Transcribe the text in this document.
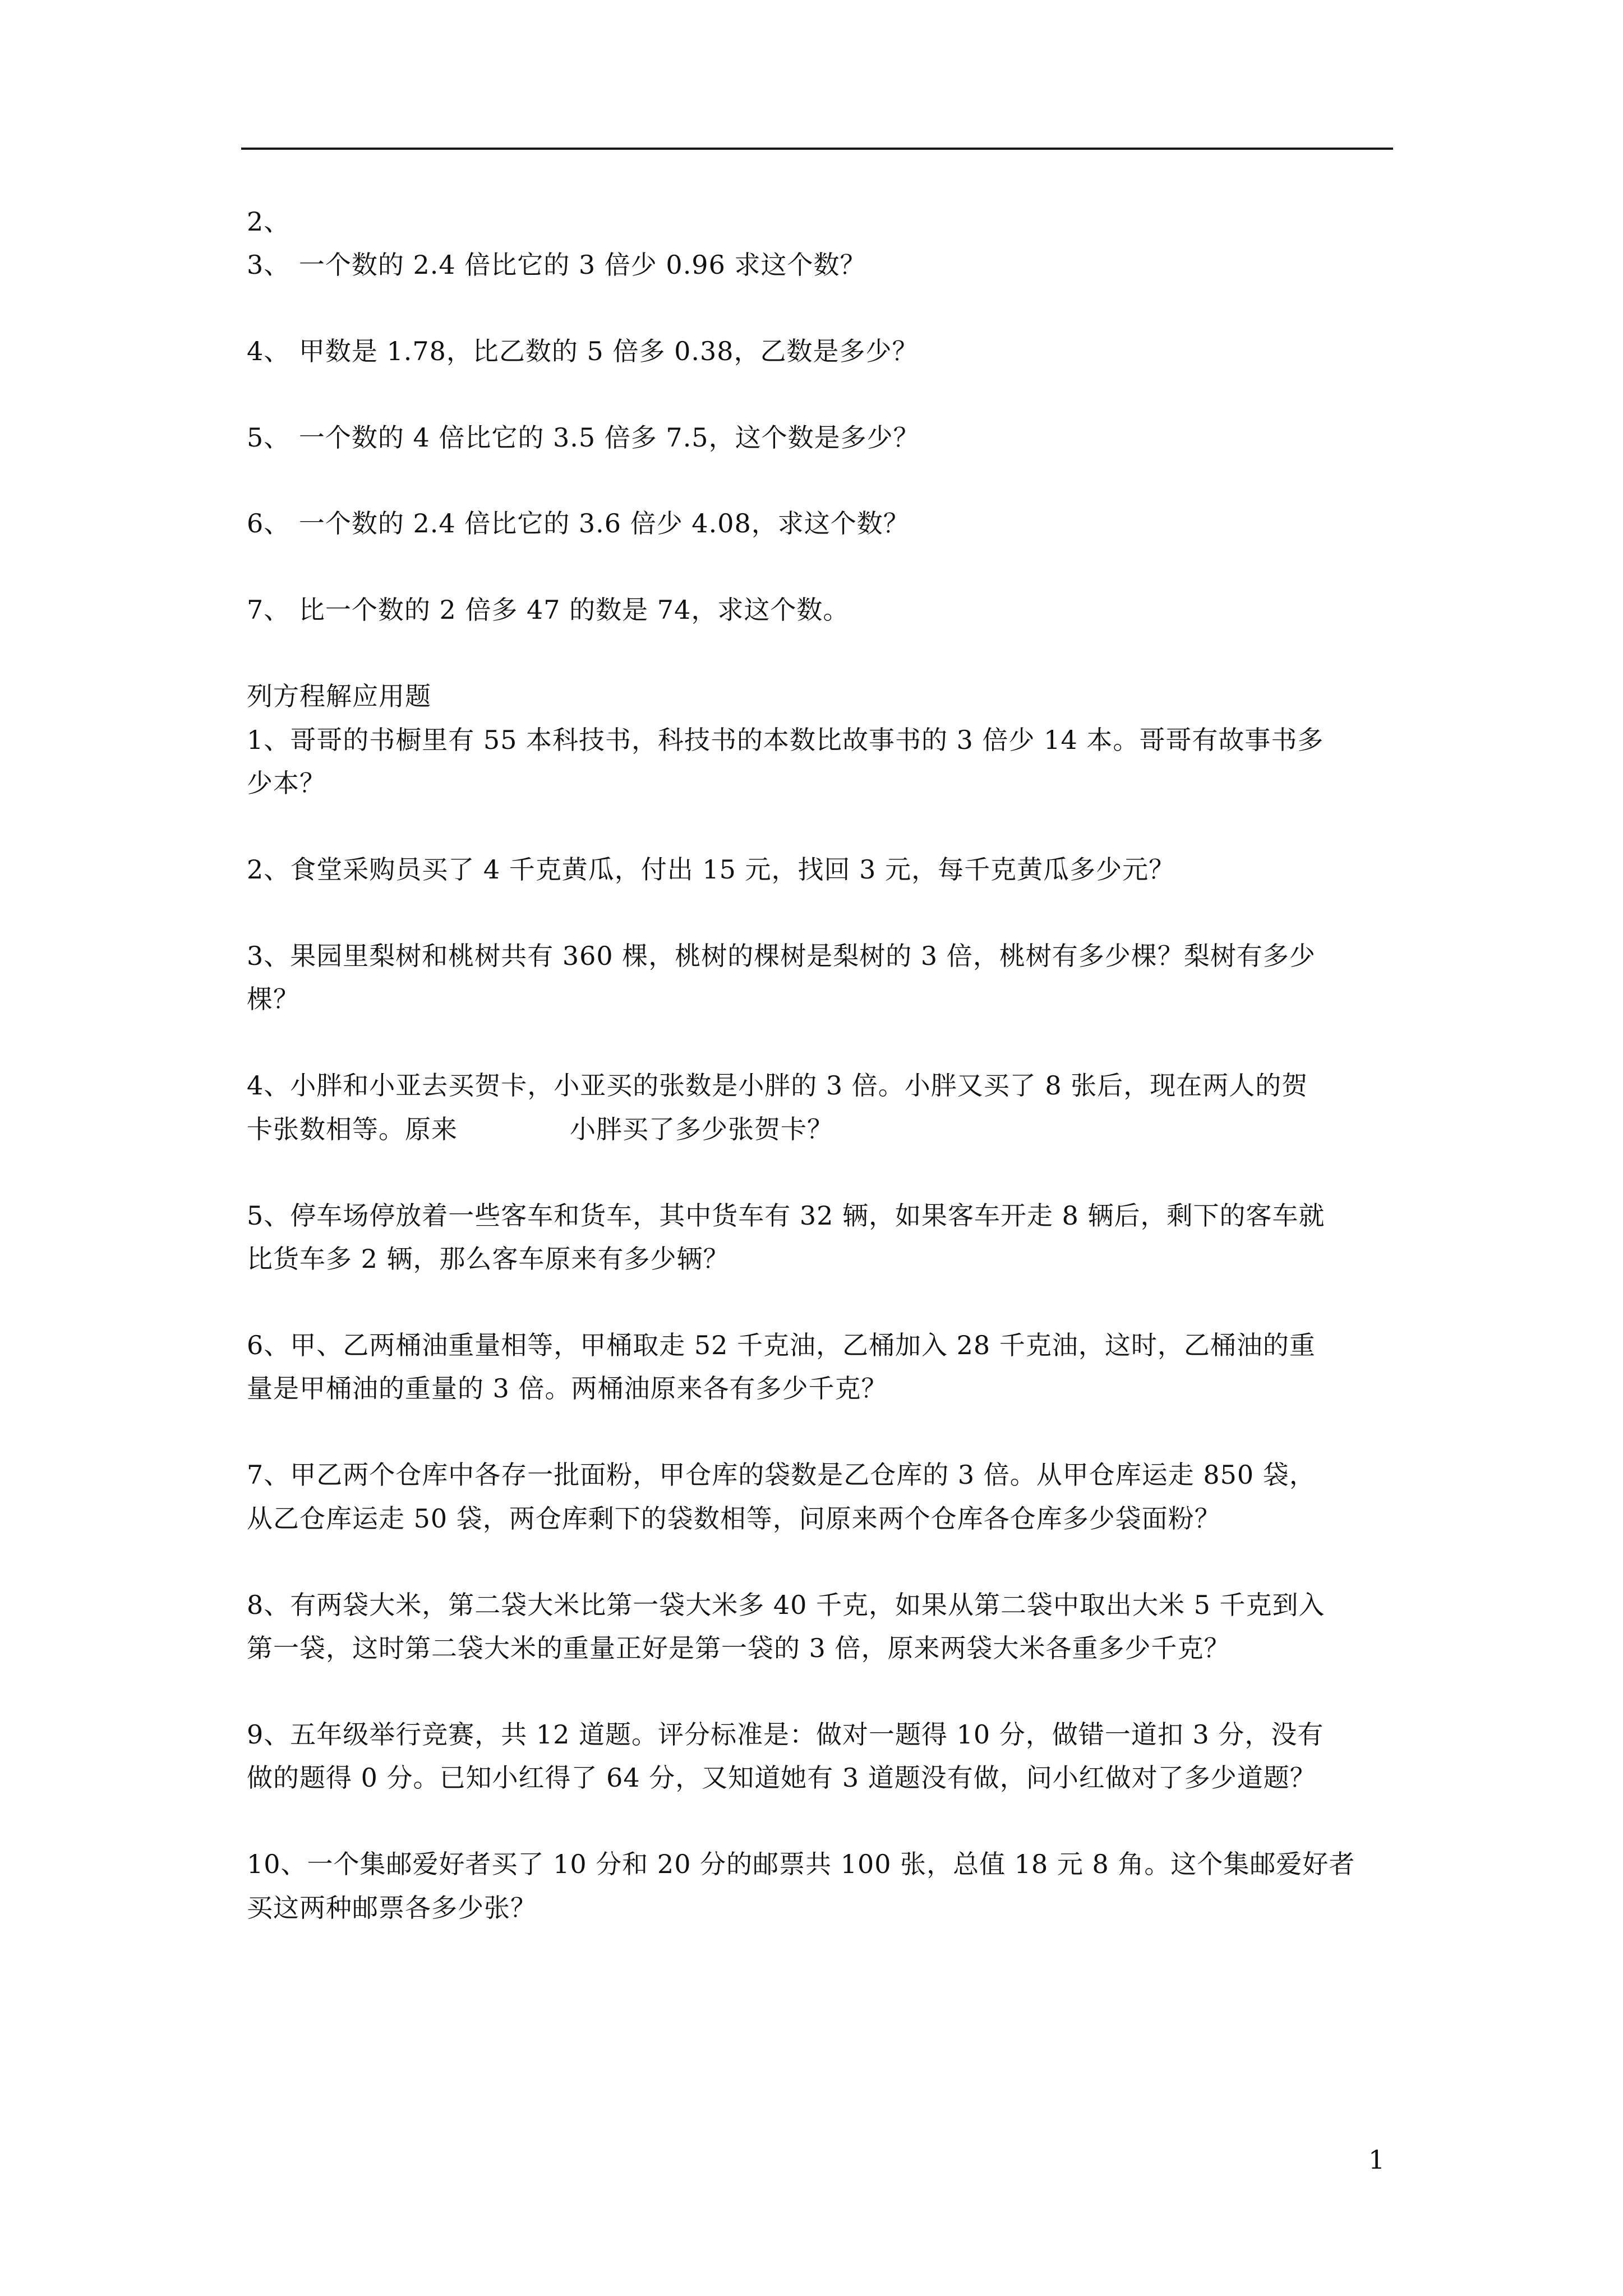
2、
3、 一个数的 2.4 倍比它的 3 倍少 0.96 求这个数？
4、 甲数是 1.78，比乙数的 5 倍多 0.38，乙数是多少？
5、 一个数的 4 倍比它的 3.5 倍多 7.5，这个数是多少？
6、 一个数的 2.4 倍比它的 3.6 倍少 4.08，求这个数？
7、 比一个数的 2 倍多 47 的数是 74，求这个数。
列方程解应用题
1、哥哥的书橱里有 55 本科技书，科技书的本数比故事书的 3 倍少 14 本。哥哥有故事书多
少本？
2、食堂采购员买了 4 千克黄瓜，付出 15 元，找回 3 元，每千克黄瓜多少元？
3、果园里梨树和桃树共有 360 棵，桃树的棵树是梨树的 3 倍，桃树有多少棵？梨树有多少
棵？
4、小胖和小亚去买贺卡，小亚买的张数是小胖的 3 倍。小胖又买了 8 张后，现在两人的贺
卡张数相等。原来	小胖买了多少张贺卡？
5、停车场停放着一些客车和货车，其中货车有 32 辆，如果客车开走 8 辆后，剩下的客车就
比货车多 2 辆，那么客车原来有多少辆？
6、甲、乙两桶油重量相等，甲桶取走 52 千克油，乙桶加入 28 千克油，这时，乙桶油的重
量是甲桶油的重量的 3 倍。两桶油原来各有多少千克？
7、甲乙两个仓库中各存一批面粉，甲仓库的袋数是乙仓库的 3 倍。从甲仓库运走 850 袋，
从乙仓库运走 50 袋，两仓库剩下的袋数相等，问原来两个仓库各仓库多少袋面粉？
8、有两袋大米，第二袋大米比第一袋大米多 40 千克，如果从第二袋中取出大米 5 千克到入
第一袋，这时第二袋大米的重量正好是第一袋的 3 倍，原来两袋大米各重多少千克？
9、五年级举行竞赛，共 12 道题。评分标准是：做对一题得 10 分，做错一道扣 3 分，没有
做的题得 0 分。已知小红得了 64 分，又知道她有 3 道题没有做，问小红做对了多少道题？
10、一个集邮爱好者买了 10 分和 20 分的邮票共 100 张，总值 18 元 8 角。这个集邮爱好者
买这两种邮票各多少张？
1
